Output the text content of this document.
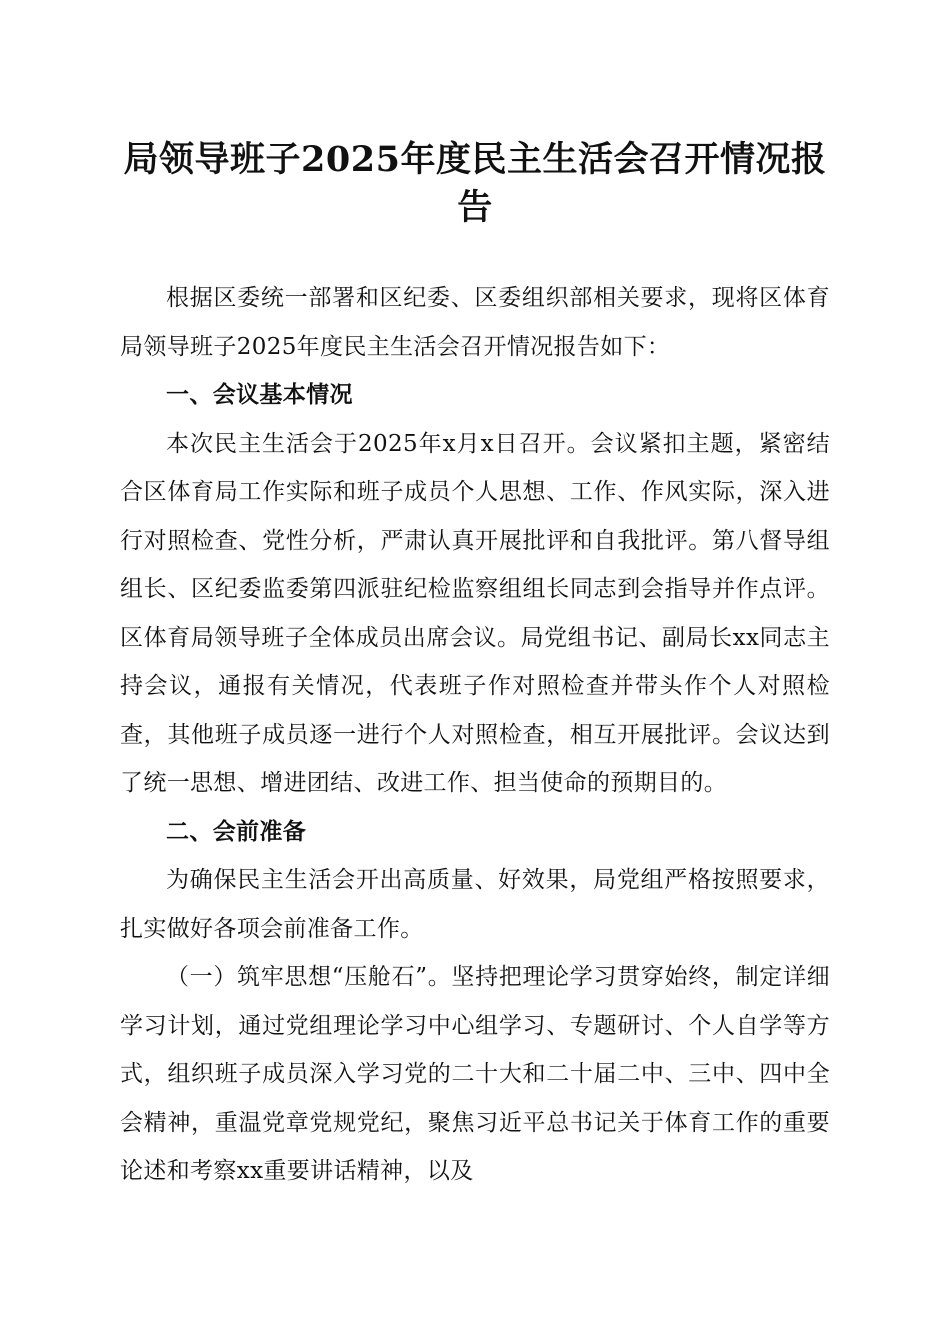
局领导班子2025年度民主生活会召开情况报告

根据区委统一部署和区纪委、区委组织部相关要求，现将区体育局领导班子2025年度民主生活会召开情况报告如下：

一、会议基本情况

本次民主生活会于2025年x月x日召开。会议紧扣主题，紧密结合区体育局工作实际和班子成员个人思想、工作、作风实际，深入进行对照检查、党性分析，严肃认真开展批评和自我批评。第八督导组组长、区纪委监委第四派驻纪检监察组组长同志到会指导并作点评。区体育局领导班子全体成员出席会议。局党组书记、副局长xx同志主持会议，通报有关情况，代表班子作对照检查并带头作个人对照检查，其他班子成员逐一进行个人对照检查，相互开展批评。会议达到了统一思想、增进团结、改进工作、担当使命的预期目的。

二、会前准备

为确保民主生活会开出高质量、好效果，局党组严格按照要求，扎实做好各项会前准备工作。

（一）筑牢思想“压舱石”。坚持把理论学习贯穿始终，制定详细学习计划，通过党组理论学习中心组学习、专题研讨、个人自学等方式，组织班子成员深入学习党的二十大和二十届二中、三中、四中全会精神，重温党章党规党纪，聚焦习近平总书记关于体育工作的重要论述和考察xx重要讲话精神，以及
